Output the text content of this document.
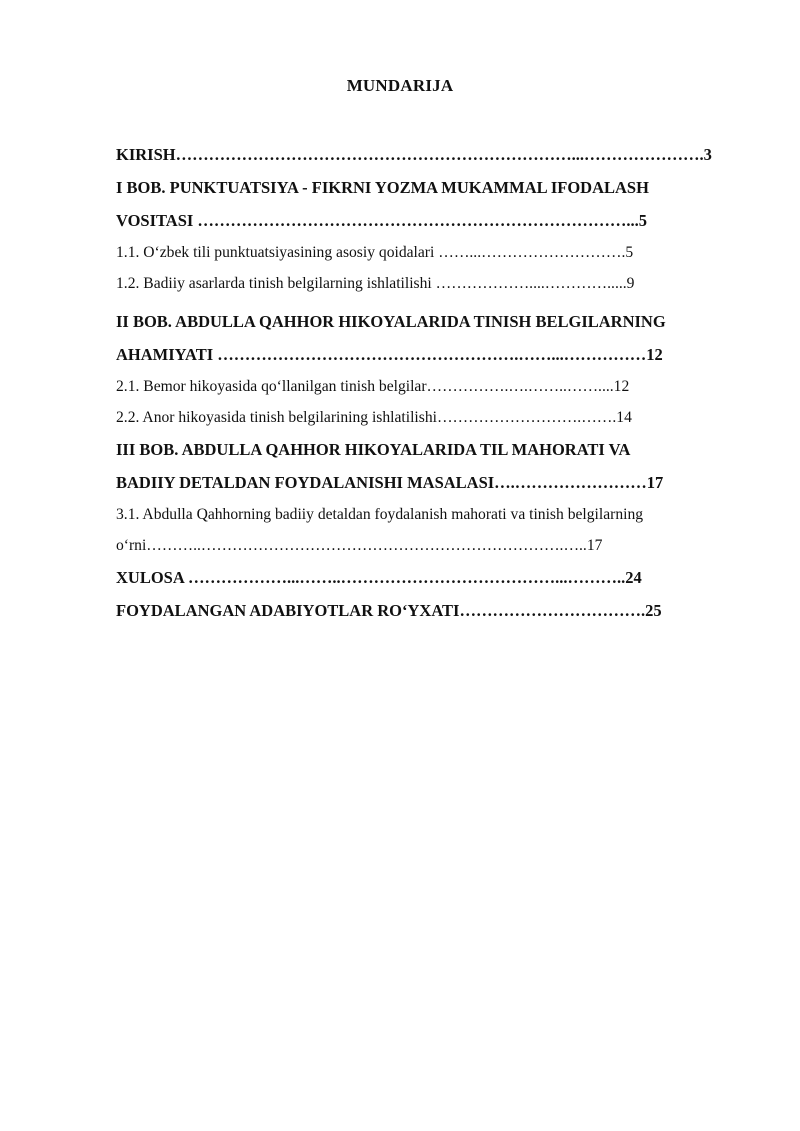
MUNDARIJA
KIRISH………………………………………………………………...………………….3
I BOB. PUNKTUATSIYA - FIKRNI YOZMA MUKAMMAL IFODALASH
VOSITASI ……………………………………………………………………...5
1.1. O‘zbek tili punktuatsiyasining asosiy qoidalari ……...……………………….5
1.2. Badiiy asarlarda tinish belgilarning ishlatilishi ………………....………….....9
II BOB. ABDULLA QAHHOR HIKOYALARIDA TINISH BELGILARNING
AHAMIYATI ……………………………………………….……...……………12
2.1. Bemor hikoyasida qo‘llanilgan tinish belgilar…………….….……..……....12
2.2. Anor hikoyasida tinish belgilarining ishlatilishi……………………….…….14
III BOB. ABDULLA QAHHOR HIKOYALARIDA TIL MAHORATI VA
BADIIY DETALDAN FOYDALANISHI MASALASI….……………………17
3.1. Abdulla Qahhorning badiiy detaldan foydalanish mahorati va tinish belgilarning
o‘rni………..…………………………………………………………….…..17
XULOSA ………………...……..…………………………………...………..24
FOYDALANGAN ADABIYOTLAR RO‘YXATI…………………………….25
